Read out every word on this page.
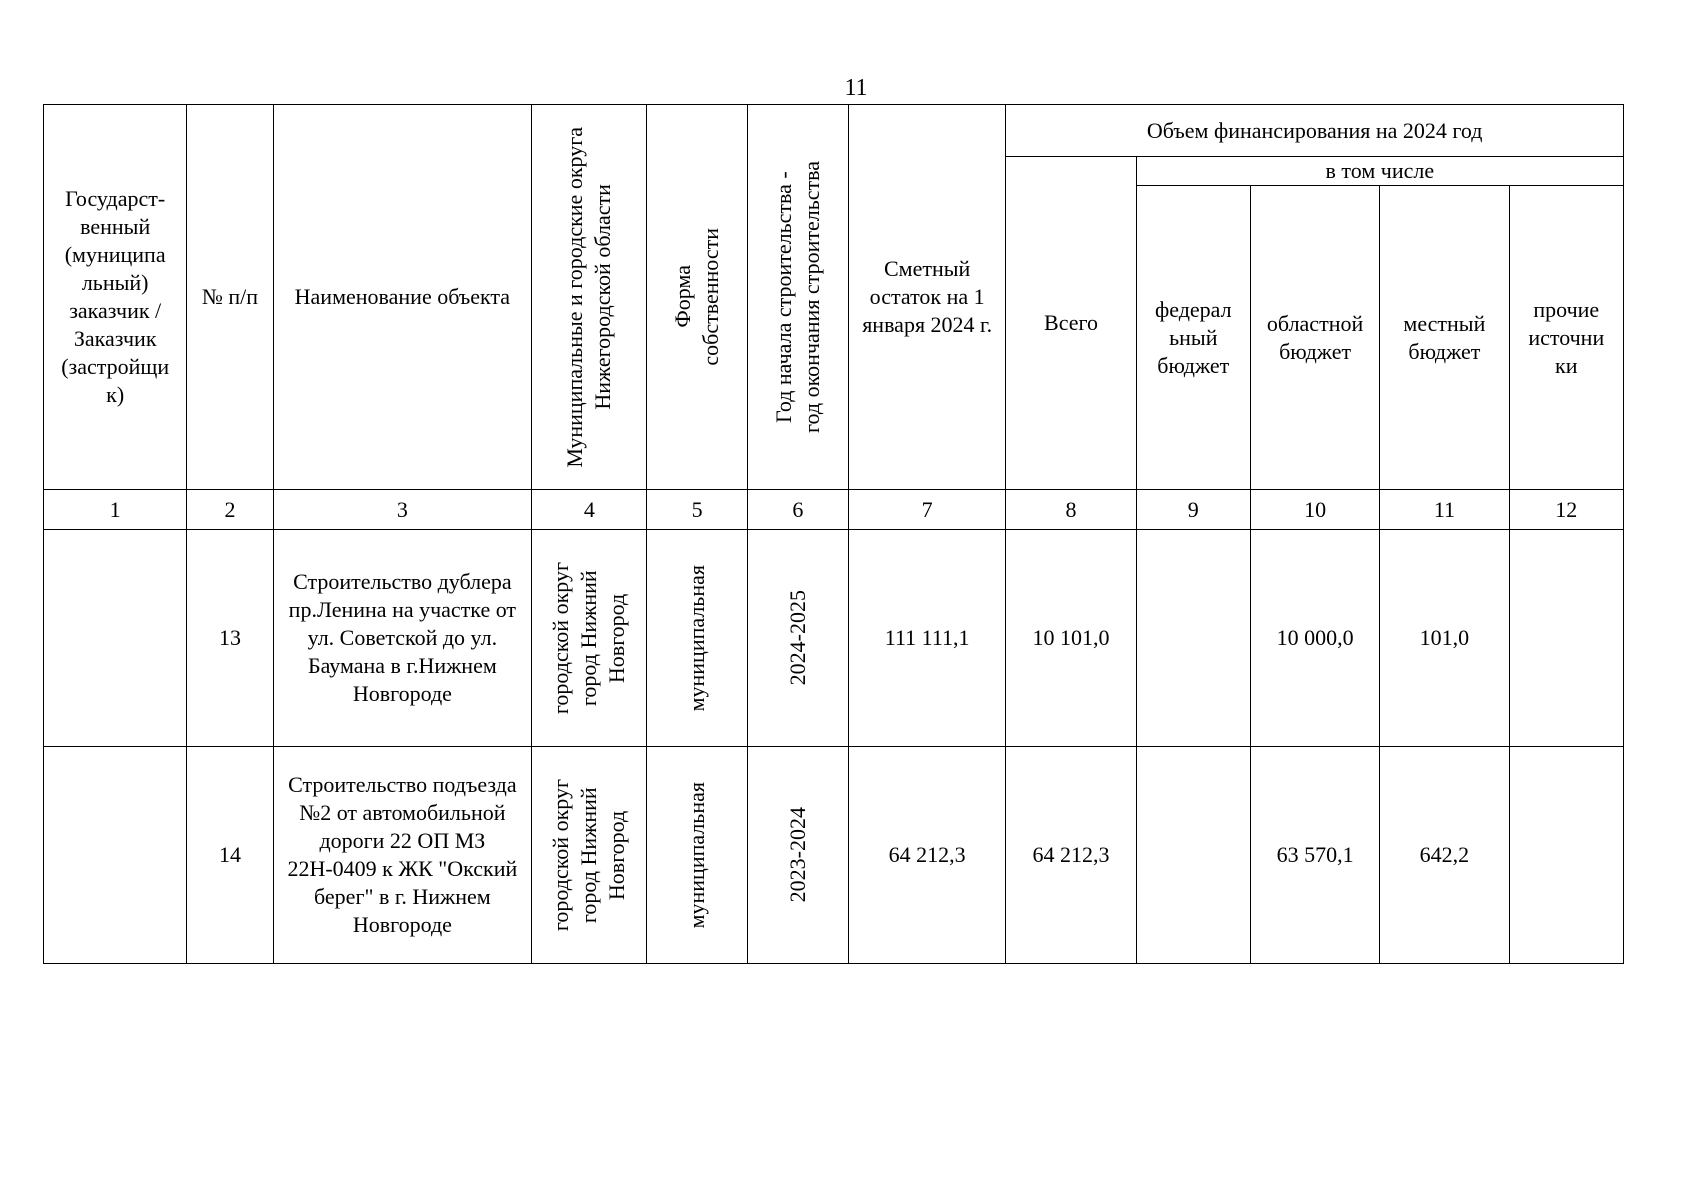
11
Государст-венный (муниципа льный) заказчик / Заказчик (застройщи к)	№ п/п	Наименование объекта	Муниципальные и городские округа Нижегородской области	Форма собственности	Год начала строительства - год окончания строительства	Сметный остаток на 1 января 2024 г.	Объем финансирования на 2024 год				
							Всего	в том числе			
								федерал ьный бюджет	областной бюджет	местный бюджет	прочие источни ки
1	2	3	4	5	6	7	8	9	10	11	12
	13	Строительство дублера пр.Ленина на участке от ул. Советской до ул. Баумана в г.Нижнем Новгороде	городской округ город Нижний Новгород	муниципальная	2024-2025	111 111,1	10 101,0		10 000,0	101,0	
	14	Строительство подъезда №2 от автомобильной дороги 22 ОП МЗ 22Н-0409 к ЖК "Окский берег" в г. Нижнем Новгороде	городской округ город Нижний Новгород	муниципальная	2023-2024	64 212,3	64 212,3		63 570,1	642,2	
